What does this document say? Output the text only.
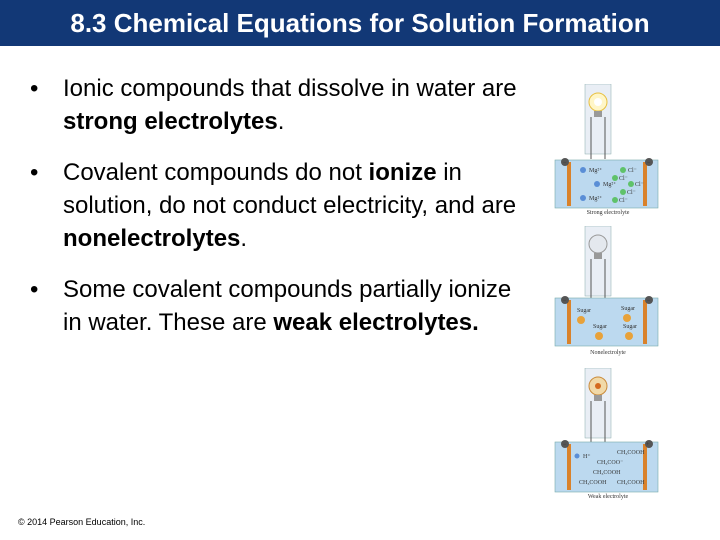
8.3 Chemical Equations for Solution Formation
• Ionic compounds that dissolve in water are strong electrolytes.
• Covalent compounds do not ionize in solution, do not conduct electricity, and are nonelectrolytes.
• Some covalent compounds partially ionize in water. These are weak electrolytes.
© 2014 Pearson Education, Inc.
−	−
Mg²⁺	Cl⁻
Cl⁻
Mg²⁺	Cl⁻
Cl⁻
Mg²⁺	Cl⁻
Strong electrolyte
−	−
Sugar	Sugar
Sugar	Sugar
Nonelectrolyte
−	+
H⁺
CH₃COOH
CH₃COO⁻
CH₃COOH
CH₃COOH CH₃COOH
Weak electrolyte
